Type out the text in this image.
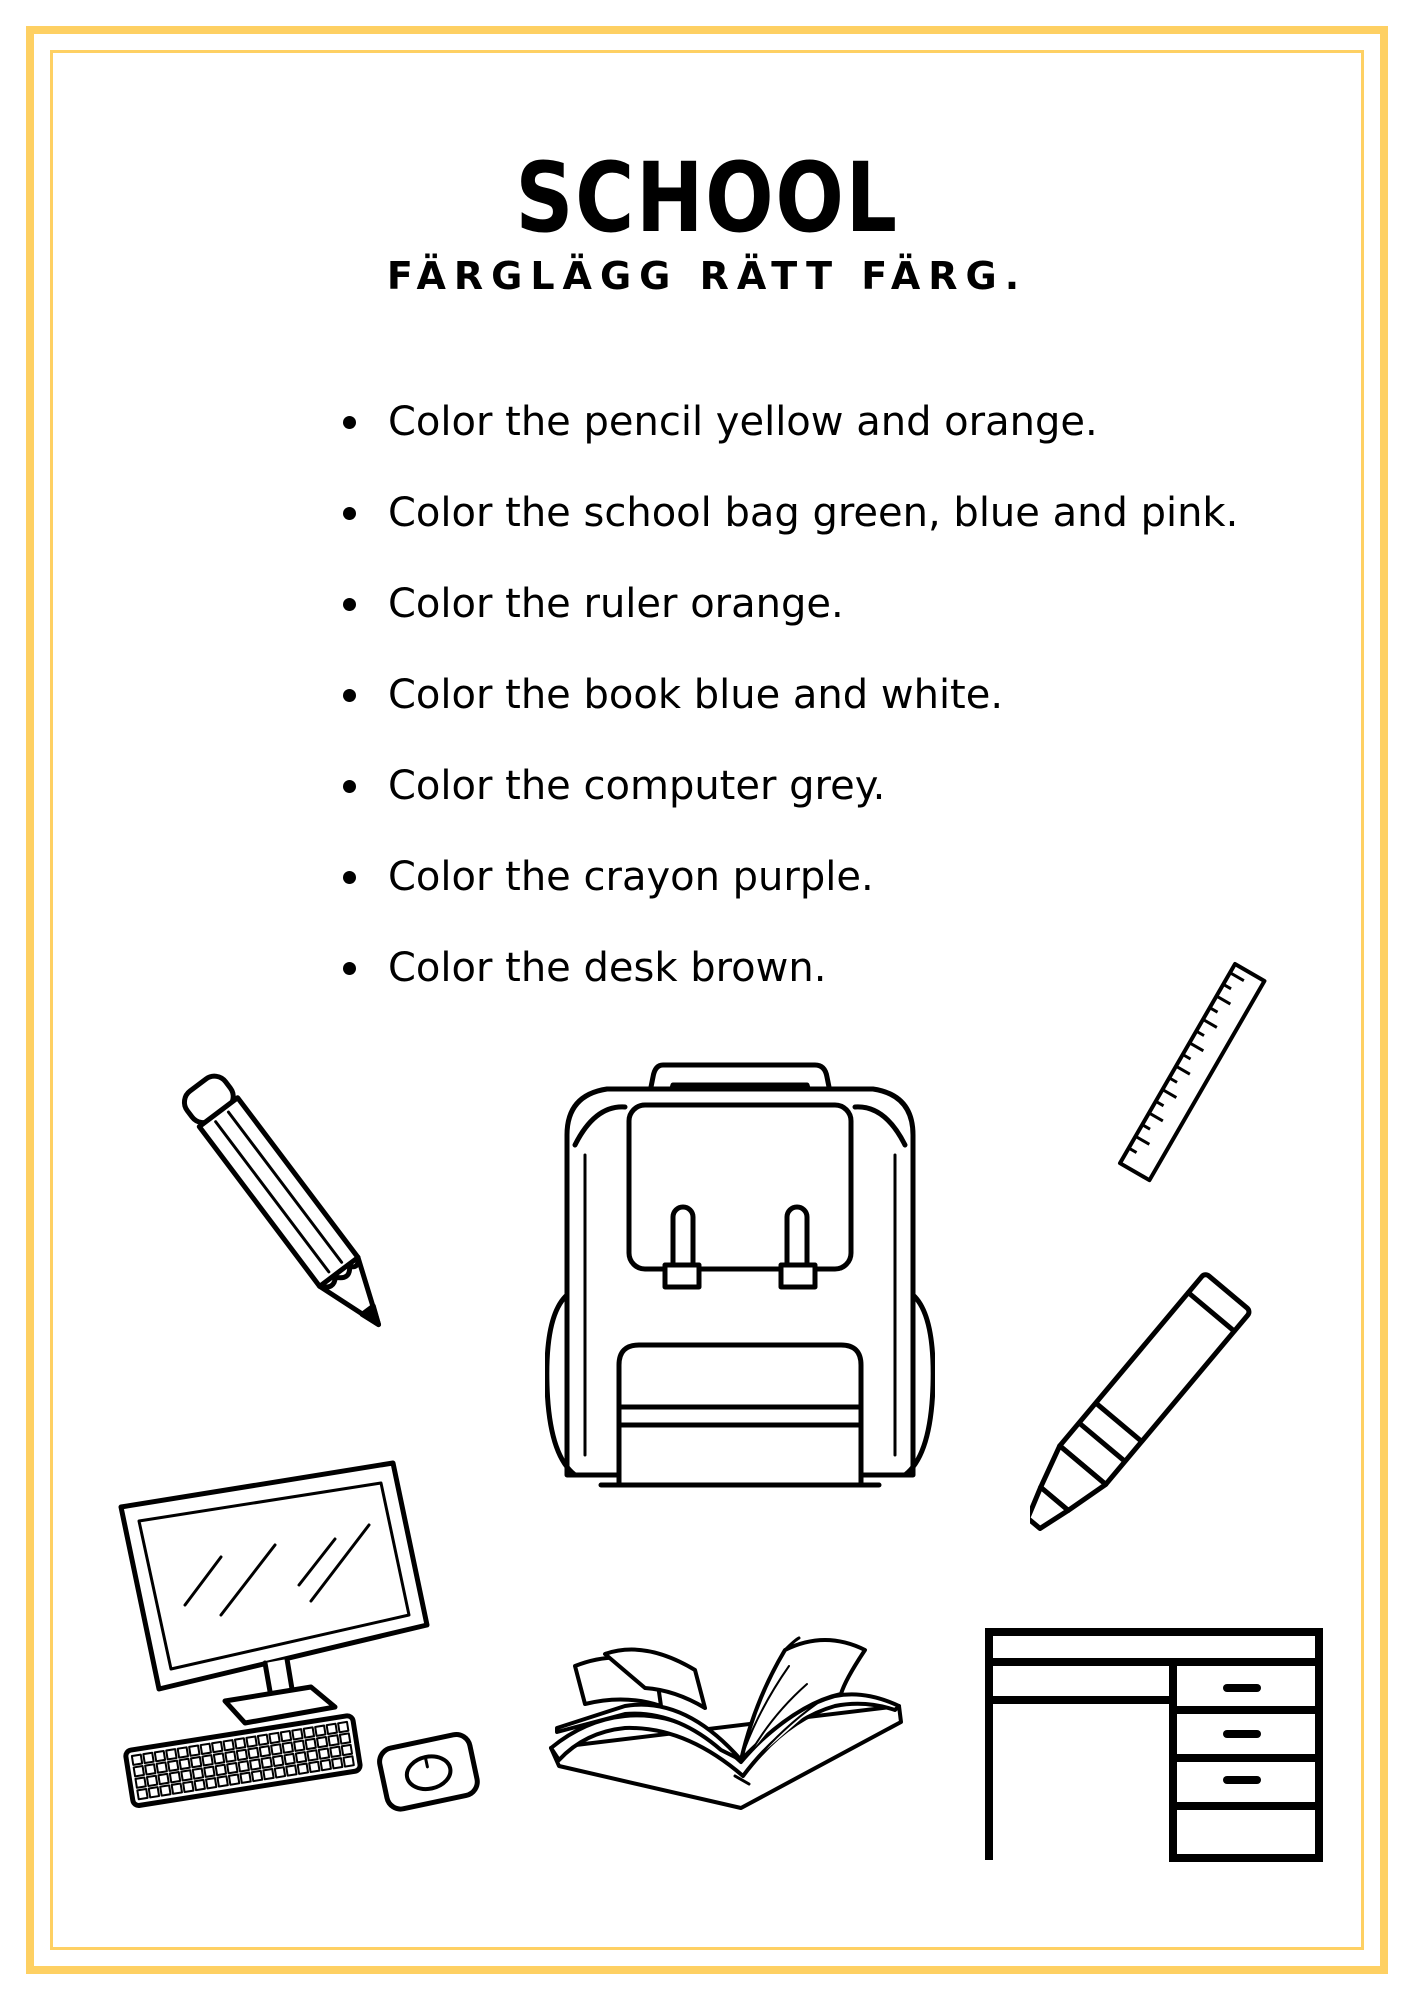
SCHOOL
FÄRGLÄGG RÄTT FÄRG.
Color the pencil yellow and orange.
Color the school bag green, blue and pink.
Color the ruler orange.
Color the book blue and white.
Color the computer grey.
Color the crayon purple.
Color the desk brown.
